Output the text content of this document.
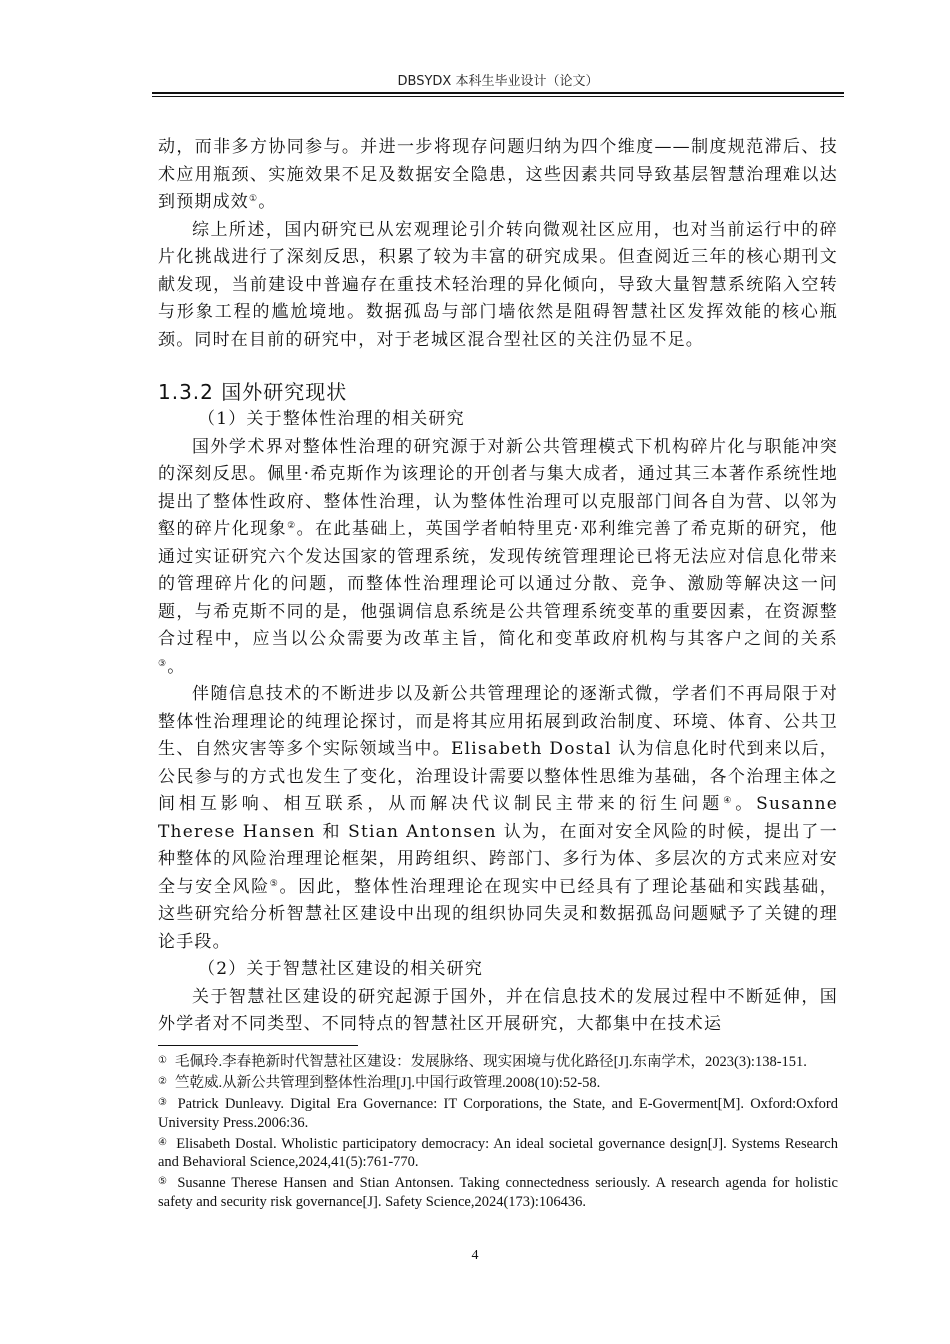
DBSYDX 本科生毕业设计（论文）

动，而非多方协同参与。并进一步将现存问题归纳为四个维度——制度规范滞后、技术应用瓶颈、实施效果不足及数据安全隐患，这些因素共同导致基层智慧治理难以达到预期成效①。

综上所述，国内研究已从宏观理论引介转向微观社区应用，也对当前运行中的碎片化挑战进行了深刻反思，积累了较为丰富的研究成果。但查阅近三年的核心期刊文献发现，当前建设中普遍存在重技术轻治理的异化倾向，导致大量智慧系统陷入空转与形象工程的尴尬境地。数据孤岛与部门墙依然是阻碍智慧社区发挥效能的核心瓶颈。同时在目前的研究中，对于老城区混合型社区的关注仍显不足。

1.3.2 国外研究现状

（1）关于整体性治理的相关研究

国外学术界对整体性治理的研究源于对新公共管理模式下机构碎片化与职能冲突的深刻反思。佩里·希克斯作为该理论的开创者与集大成者，通过其三本著作系统性地提出了整体性政府、整体性治理，认为整体性治理可以克服部门间各自为营、以邻为壑的碎片化现象②。在此基础上，英国学者帕特里克·邓利维完善了希克斯的研究，他通过实证研究六个发达国家的管理系统，发现传统管理理论已将无法应对信息化带来的管理碎片化的问题，而整体性治理理论可以通过分散、竞争、激励等解决这一问题，与希克斯不同的是，他强调信息系统是公共管理系统变革的重要因素，在资源整合过程中，应当以公众需要为改革主旨，简化和变革政府机构与其客户之间的关系③。

伴随信息技术的不断进步以及新公共管理理论的逐渐式微，学者们不再局限于对整体性治理理论的纯理论探讨，而是将其应用拓展到政治制度、环境、体育、公共卫生、自然灾害等多个实际领域当中。Elisabeth Dostal 认为信息化时代到来以后，公民参与的方式也发生了变化，治理设计需要以整体性思维为基础，各个治理主体之间相互影响、相互联系，从而解决代议制民主带来的衍生问题④。Susanne Therese Hansen 和 Stian Antonsen 认为，在面对安全风险的时候，提出了一种整体的风险治理理论框架，用跨组织、跨部门、多行为体、多层次的方式来应对安全与安全风险⑤。因此，整体性治理理论在现实中已经具有了理论基础和实践基础，这些研究给分析智慧社区建设中出现的组织协同失灵和数据孤岛问题赋予了关键的理论手段。

（2）关于智慧社区建设的相关研究

关于智慧社区建设的研究起源于国外，并在信息技术的发展过程中不断延伸，国外学者对不同类型、不同特点的智慧社区开展研究，大都集中在技术运

① 毛佩玲.李春艳新时代智慧社区建设：发展脉络、现实困境与优化路径[J].东南学术，2023(3):138-151.

② 竺乾威.从新公共管理到整体性治理[J].中国行政管理.2008(10):52-58.

③ Patrick Dunleavy. Digital Era Governance: IT Corporations, the State, and E-Goverment[M]. Oxford:Oxford University Press.2006:36.

④ Elisabeth Dostal. Wholistic participatory democracy: An ideal societal governance design[J]. Systems Research and Behavioral Science,2024,41(5):761-770.

⑤ Susanne Therese Hansen and Stian Antonsen. Taking connectedness seriously. A research agenda for holistic safety and security risk governance[J]. Safety Science,2024(173):106436.

4
